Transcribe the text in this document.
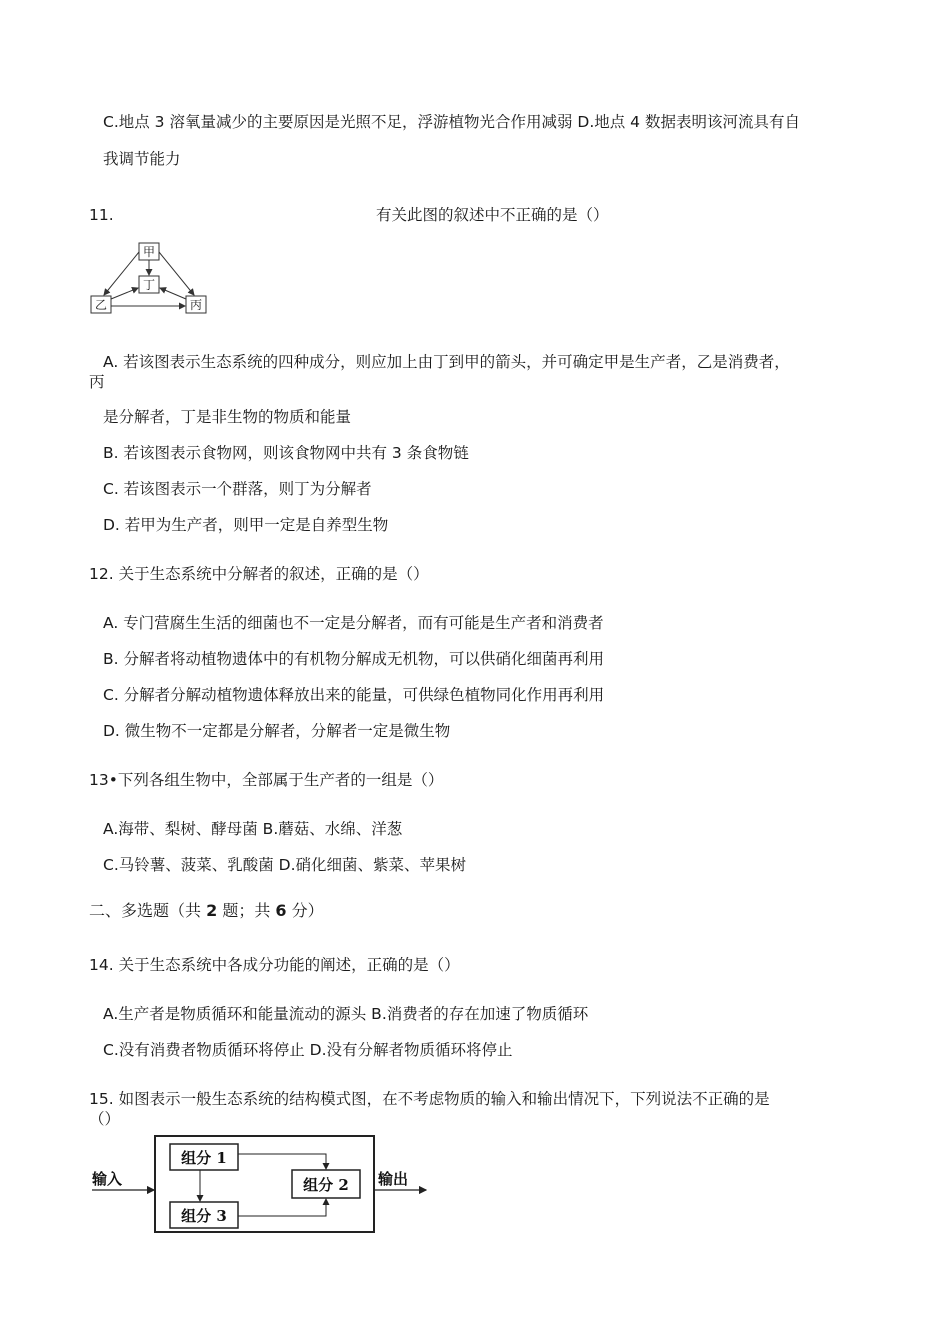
C.地点 3 溶氧量减少的主要原因是光照不足，浮游植物光合作用减弱 D.地点 4 数据表明该河流具有自
我调节能力
11.	有关此图的叙述中不正确的是（）
甲
丁
乙	丙
A. 若该图表示生态系统的四种成分，则应加上由丁到甲的箭头，并可确定甲是生产者，乙是消费者，
丙
是分解者，丁是非生物的物质和能量
B. 若该图表示食物网，则该食物网中共有 3 条食物链
C. 若该图表示一个群落，则丁为分解者
D. 若甲为生产者，则甲一定是自养型生物
12. 关于生态系统中分解者的叙述，正确的是（）
A. 专门营腐生生活的细菌也不一定是分解者，而有可能是生产者和消费者
B. 分解者将动植物遗体中的有机物分解成无机物，可以供硝化细菌再利用
C. 分解者分解动植物遗体释放出来的能量，可供绿色植物同化作用再利用
D. 微生物不一定都是分解者，分解者一定是微生物
13•下列各组生物中，全部属于生产者的一组是（）
A.海带、梨树、酵母菌 B.蘑菇、水绵、洋葱
C.马铃薯、菠菜、乳酸菌 D.硝化细菌、紫菜、苹果树
二、多选题（共 2 题；共 6 分）
14. 关于生态系统中各成分功能的阐述，正确的是（）
A.生产者是物质循环和能量流动的源头 B.消费者的存在加速了物质循环
C.没有消费者物质循环将停止 D.没有分解者物质循环将停止
15. 如图表示一般生态系统的结构模式图，在不考虑物质的输入和输出情况下，下列说法不正确的是
（）
输入	输出
组分 1
组分 2
组分 3
